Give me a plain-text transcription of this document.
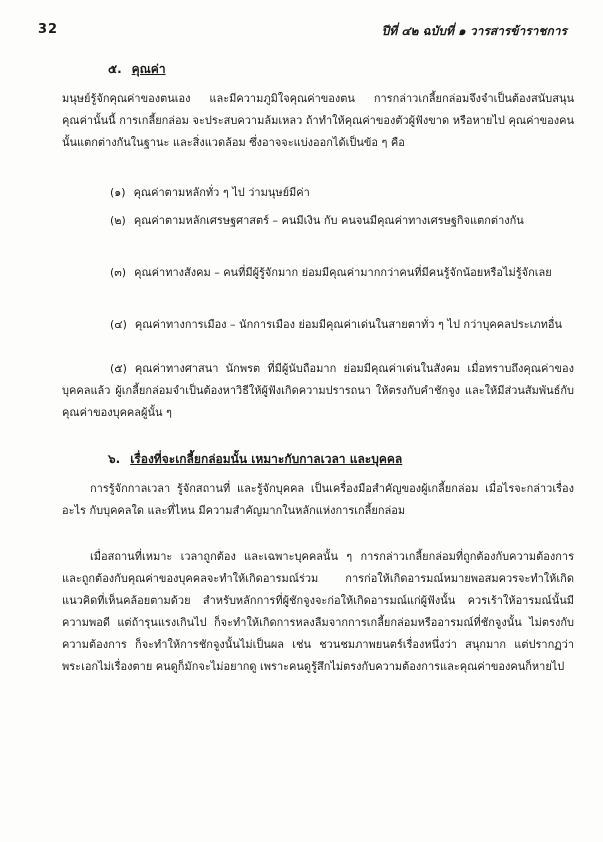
32	ปีที่ ๔๒ ฉบับที่ ๑ วารสารข้าราชการ
๕. คุณค่า
มนุษย์รู้จักคุณค่าของตนเอง และมีความภูมิใจคุณค่าของตน การกล่าวเกลี้ยกล่อมจึงจำเป็นต้องสนับสนุนคุณค่านั้นนี้ การเกลี้ยกล่อม จะประสบความล้มเหลว ถ้าทำให้คุณค่าของตัวผู้ฟังขาด หรือหายไป คุณค่าของคนนั้นแตกต่างกันในฐานะ และสิ่งแวดล้อม ซึ่งอาจจะแบ่งออกได้เป็นข้อ ๆ คือ
(๑) คุณค่าตามหลักทั่ว ๆ ไป ว่ามนุษย์มีค่า
(๒) คุณค่าตามหลักเศรษฐศาสตร์ – คนมีเงิน กับ คนจนมีคุณค่าทางเศรษฐกิจแตกต่างกัน
(๓) คุณค่าทางสังคม – คนที่มีผู้รู้จักมาก ย่อมมีคุณค่ามากกว่าคนที่มีคนรู้จักน้อยหรือไม่รู้จักเลย
(๔) คุณค่าทางการเมือง – นักการเมือง ย่อมมีคุณค่าเด่นในสายตาทั่ว ๆ ไป กว่าบุคคลประเภทอื่น
(๕) คุณค่าทางศาสนา นักพรต ที่มีผู้นับถือมาก ย่อมมีคุณค่าเด่นในสังคม เมื่อทราบถึงคุณค่าของบุคคลแล้ว ผู้เกลี้ยกล่อมจำเป็นต้องหาวิธีให้ผู้ฟังเกิดความปรารถนา ให้ตรงกับคำชักจูง และให้มีส่วนสัมพันธ์กับคุณค่าของบุคคลผู้นั้น ๆ
๖. เรื่องที่จะเกลี้ยกล่อมนั้น เหมาะกับกาลเวลา และบุคคล
การรู้จักกาลเวลา รู้จักสถานที่ และรู้จักบุคคล เป็นเครื่องมือสำคัญของผู้เกลี้ยกล่อม เมื่อไรจะกล่าวเรื่องอะไร กับบุคคลใด และที่ไหน มีความสำคัญมากในหลักแห่งการเกลี้ยกล่อม
เมื่อสถานที่เหมาะ เวลาถูกต้อง และเฉพาะบุคคลนั้น ๆ การกล่าวเกลี้ยกล่อมที่ถูกต้องกับความต้องการ และถูกต้องกับคุณค่าของบุคคลจะทำให้เกิดอารมณ์ร่วม การก่อให้เกิดอารมณ์หมายพอสมควรจะทำให้เกิดแนวคิดที่เห็นคล้อยตามด้วย สำหรับหลักการที่ผู้ชักจูงจะก่อให้เกิดอารมณ์แก่ผู้ฟังนั้น ควรเร้าให้อารมณ์นั้นมีความพอดี แต่ถ้ารุนแรงเกินไป ก็จะทำให้เกิดการหลงลืมจากการเกลี้ยกล่อมหรืออารมณ์ที่ชักจูงนั้น ไม่ตรงกับความต้องการ ก็จะทำให้การชักจูงนั้นไม่เป็นผล เช่น ชวนชมภาพยนตร์เรื่องหนึ่งว่า สนุกมาก แต่ปรากฏว่าพระเอกไม่เรื่องตาย คนดูก็มักจะไม่อยากดู เพราะคนดูรู้สึกไม่ตรงกับความต้องการและคุณค่าของคนก็หายไป
